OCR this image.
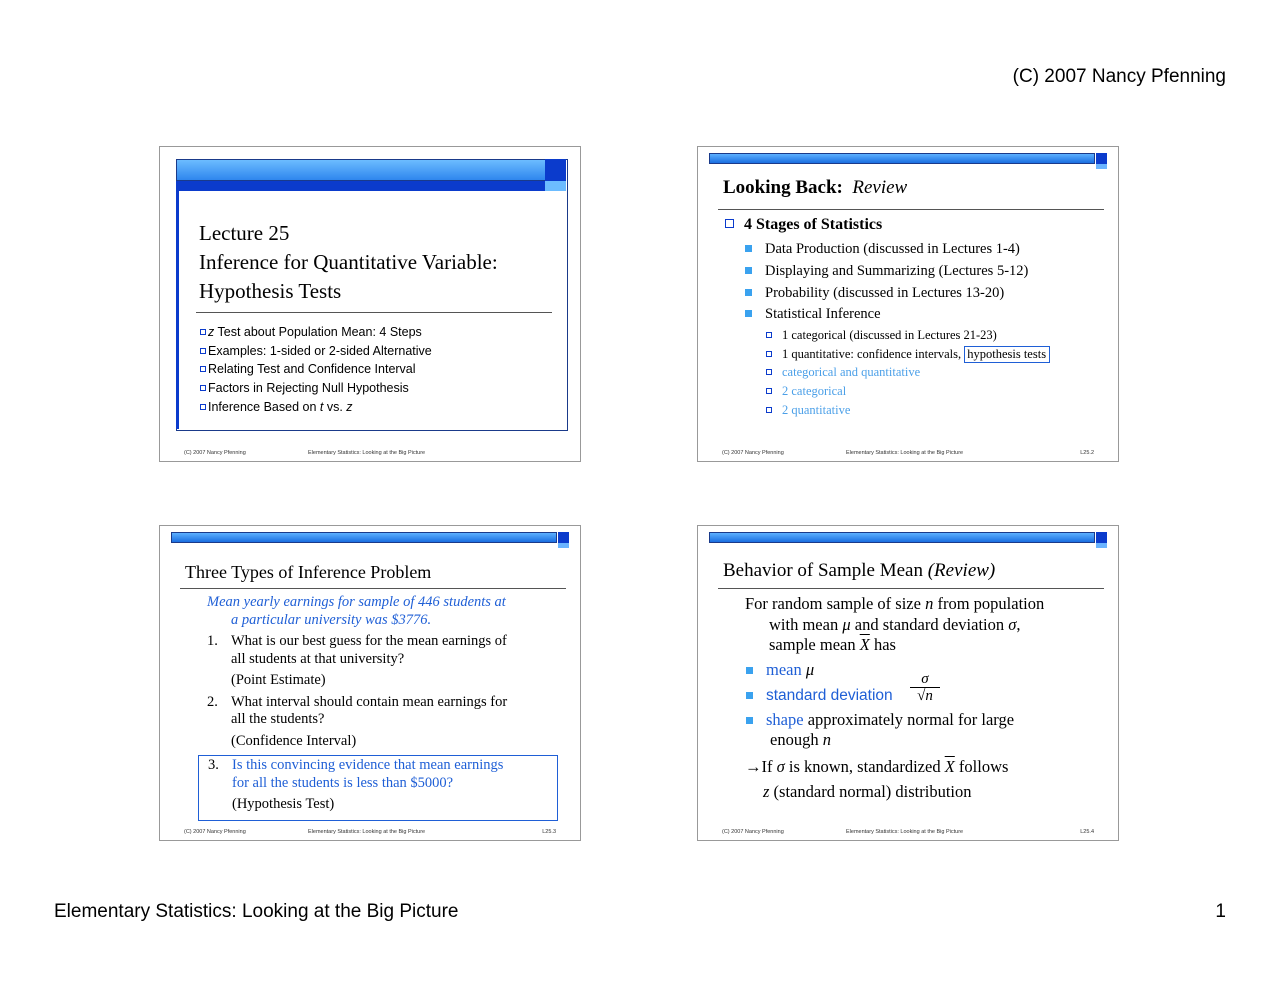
(C) 2007 Nancy Pfenning
Elementary Statistics: Looking at the Big Picture	1
Lecture 25
Inference for Quantitative Variable:
Hypothesis Tests
z Test about Population Mean: 4 Steps
Examples: 1-sided or 2-sided Alternative
Relating Test and Confidence Interval
Factors in Rejecting Null Hypothesis
Inference Based on t vs. z
(C) 2007 Nancy Pfenning	Elementary Statistics: Looking at the Big Picture
Looking Back: Review
4 Stages of Statistics
Data Production (discussed in Lectures 1-4)
Displaying and Summarizing (Lectures 5-12)
Probability (discussed in Lectures 13-20)
Statistical Inference
1 categorical (discussed in Lectures 21-23)
1 quantitative: confidence intervals, hypothesis tests
categorical and quantitative
2 categorical
2 quantitative
(C) 2007 Nancy Pfenning	Elementary Statistics: Looking at the Big Picture	L25.2
Three Types of Inference Problem
Mean yearly earnings for sample of 446 students at
a particular university was $3776.
1. What is our best guess for the mean earnings of
all students at that university?
(Point Estimate)
2. What interval should contain mean earnings for
all the students?
(Confidence Interval)
3. Is this convincing evidence that mean earnings
for all the students is less than $5000?
(Hypothesis Test)
(C) 2007 Nancy Pfenning	Elementary Statistics: Looking at the Big Picture	L25.3
Behavior of Sample Mean (Review)
For random sample of size n from population
with mean μ and standard deviation σ,
sample mean $\overline{X}$ has
mean μ
standard deviation
σ
√n
shape approximately normal for large
enough n
→If σ is known, standardized $\overline{X}$ follows
z (standard normal) distribution
(C) 2007 Nancy Pfenning	Elementary Statistics: Looking at the Big Picture	L25.4
